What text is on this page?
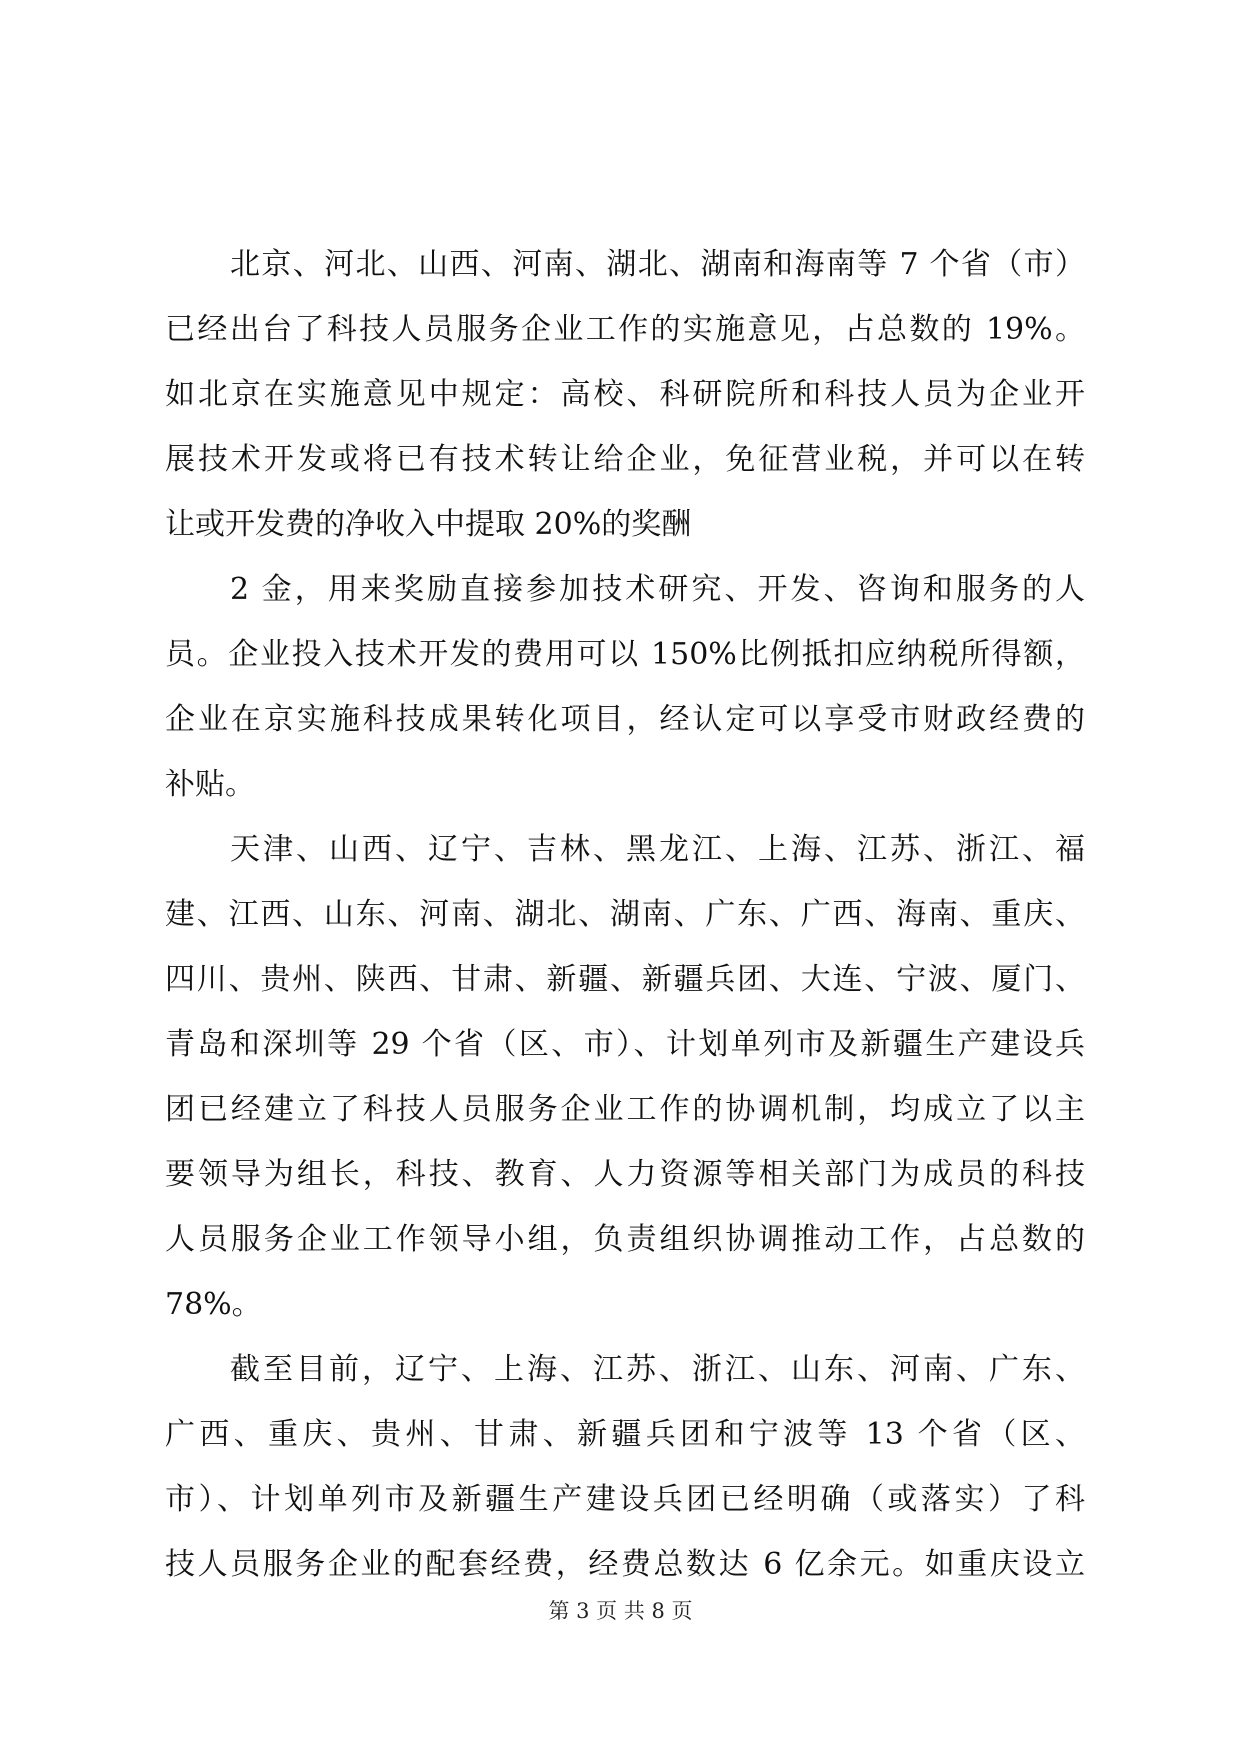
北京、河北、山西、河南、湖北、湖南和海南等 7 个省（市）
已经出台了科技人员服务企业工作的实施意见，占总数的 19%。
如北京在实施意见中规定：高校、科研院所和科技人员为企业开
展技术开发或将已有技术转让给企业，免征营业税，并可以在转
让或开发费的净收入中提取 20%的奖酬
2 金，用来奖励直接参加技术研究、开发、咨询和服务的人
员。企业投入技术开发的费用可以 150%比例抵扣应纳税所得额，
企业在京实施科技成果转化项目，经认定可以享受市财政经费的
补贴。
天津、山西、辽宁、吉林、黑龙江、上海、江苏、浙江、福
建、江西、山东、河南、湖北、湖南、广东、广西、海南、重庆、
四川、贵州、陕西、甘肃、新疆、新疆兵团、大连、宁波、厦门、
青岛和深圳等 29 个省（区、市）、计划单列市及新疆生产建设兵
团已经建立了科技人员服务企业工作的协调机制，均成立了以主
要领导为组长，科技、教育、人力资源等相关部门为成员的科技
人员服务企业工作领导小组，负责组织协调推动工作，占总数的
78%。
截至目前，辽宁、上海、江苏、浙江、山东、河南、广东、
广西、重庆、贵州、甘肃、新疆兵团和宁波等 13 个省（区、
市）、计划单列市及新疆生产建设兵团已经明确（或落实）了科
技人员服务企业的配套经费，经费总数达 6 亿余元。如重庆设立
第 3 页 共 8 页
